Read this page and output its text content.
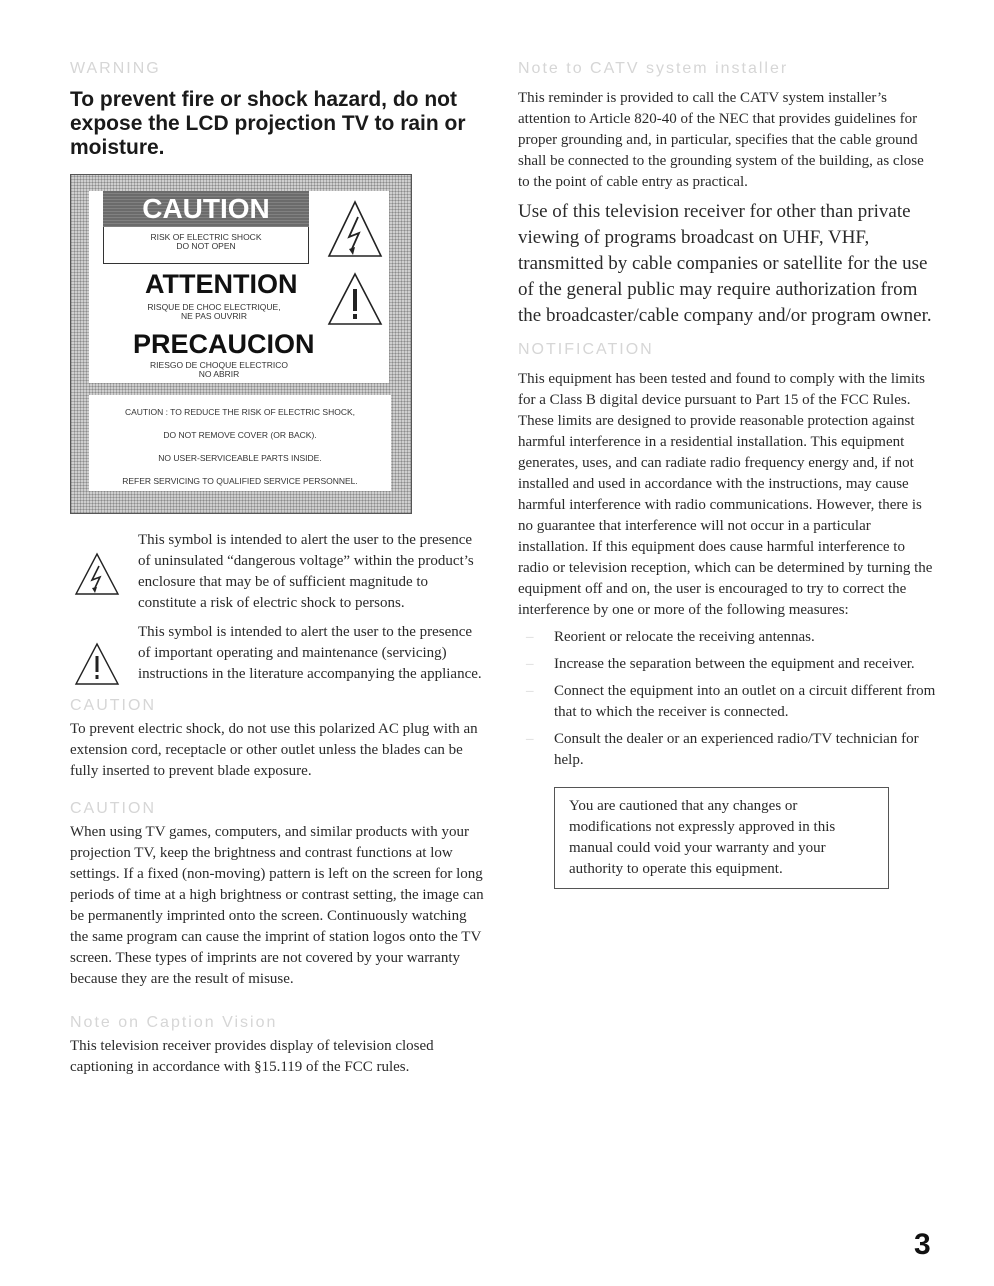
WARNING
To prevent fire or shock hazard, do not expose the LCD projection TV to rain or moisture.
CAUTION
RISK OF ELECTRIC SHOCK
DO NOT OPEN
ATTENTION
RISQUE DE CHOC ELECTRIQUE,
NE PAS OUVRIR
PRECAUCION
RIESGO DE CHOQUE ELECTRICO
NO ABRIR
CAUTION : TO REDUCE THE RISK OF ELECTRIC SHOCK,
DO NOT REMOVE COVER (OR BACK).
NO USER-SERVICEABLE PARTS INSIDE.
REFER SERVICING TO QUALIFIED SERVICE PERSONNEL.
This symbol is intended to alert the user to the presence of uninsulated “dangerous voltage” within the product’s enclosure that may be of sufficient magnitude to constitute a risk of electric shock to persons.
This symbol is intended to alert the user to the presence of important operating and maintenance (servicing) instructions in the literature accompanying the appliance.
CAUTION

To prevent electric shock, do not use this polarized AC plug with an extension cord, receptacle or other outlet unless the blades can be fully inserted to prevent blade exposure.

CAUTION

When using TV games, computers, and similar products with your projection TV, keep the brightness and contrast functions at low settings. If a fixed (non-moving) pattern is left on the screen for long periods of time at a high brightness or contrast setting, the image can be permanently imprinted onto the screen. Continuously watching the same program can cause the imprint of station logos onto the TV screen. These types of imprints are not covered by your warranty because they are the result of misuse.

Note on Caption Vision

This television receiver provides display of television closed captioning in accordance with §15.119 of the FCC rules.

Note to CATV system installer

This reminder is provided to call the CATV system installer’s attention to Article 820-40 of the NEC that provides guidelines for proper grounding and, in particular, specifies that the cable ground shall be connected to the grounding system of the building, as close to the point of cable entry as practical.

Use of this television receiver for other than private viewing of programs broadcast on UHF, VHF, transmitted by cable companies or satellite for the use of the general public may require authorization from the broadcaster/cable company and/or program owner.

NOTIFICATION

This equipment has been tested and found to comply with the limits for a Class B digital device pursuant to Part 15 of the FCC Rules. These limits are designed to provide reasonable protection against harmful interference in a residential installation. This equipment generates, uses, and can radiate radio frequency energy and, if not installed and used in accordance with the instructions, may cause harmful interference with radio communications. However, there is no guarantee that interference will not occur in a particular installation. If this equipment does cause harmful interference to radio or television reception, which can be determined by turning the equipment off and on, the user is encouraged to try to correct the interference by one or more of the following measures:

– Reorient or relocate the receiving antennas.
– Increase the separation between the equipment and receiver.
– Connect the equipment into an outlet on a circuit different from that to which the receiver is connected.
– Consult the dealer or an experienced radio/TV technician for help.
You are cautioned that any changes or modifications not expressly approved in this manual could void your warranty and your authority to operate this equipment.
3
